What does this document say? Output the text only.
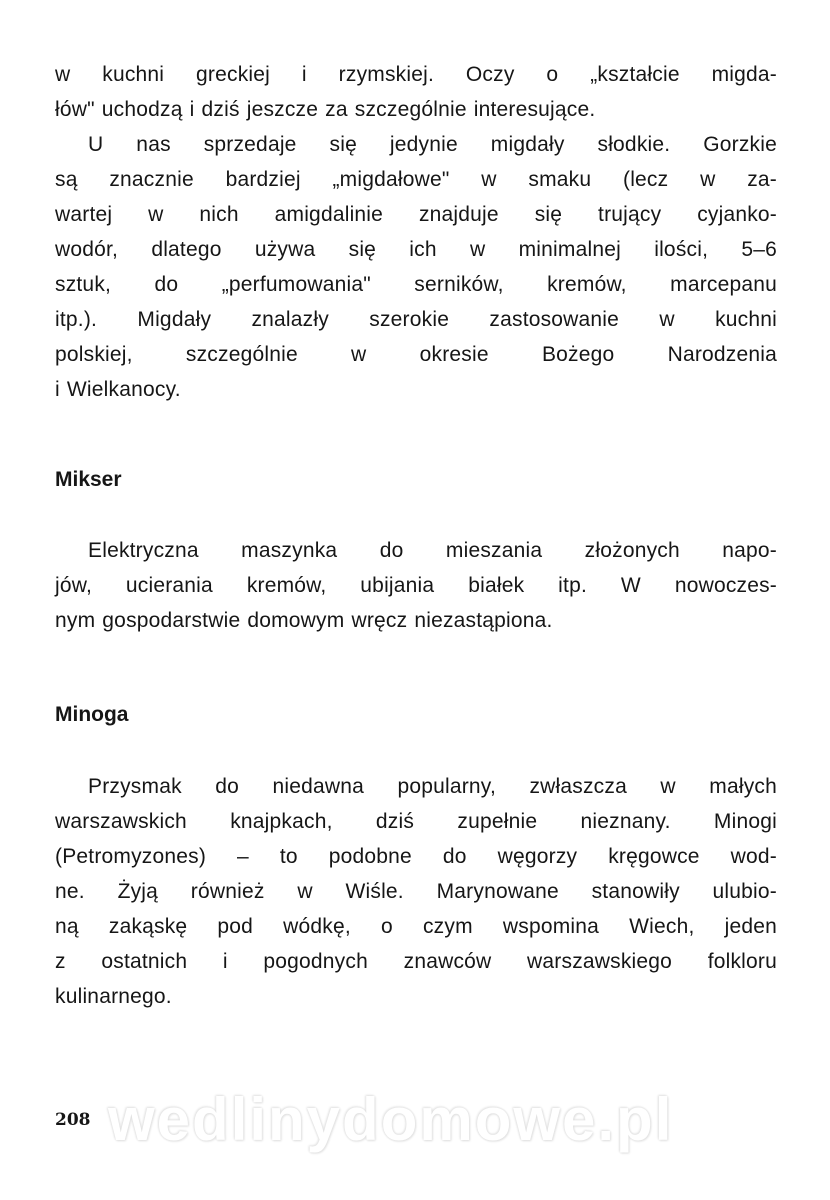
w kuchni greckiej i rzymskiej. Oczy o „kształcie migda-
łów" uchodzą i dziś jeszcze za szczególnie interesujące.
U nas sprzedaje się jedynie migdały słodkie. Gorzkie
są znacznie bardziej „migdałowe" w smaku (lecz w za-
wartej w nich amigdalinie znajduje się trujący cyjanko-
wodór, dlatego używa się ich w minimalnej ilości, 5–6
sztuk, do „perfumowania" serników, kremów, marcepanu
itp.). Migdały znalazły szerokie zastosowanie w kuchni
polskiej, szczególnie w okresie Bożego Narodzenia
i Wielkanocy.
Mikser
Elektryczna maszynka do mieszania złożonych napo-
jów, ucierania kremów, ubijania białek itp. W nowoczes-
nym gospodarstwie domowym wręcz niezastąpiona.
Minoga
Przysmak do niedawna popularny, zwłaszcza w małych
warszawskich knajpkach, dziś zupełnie nieznany. Minogi
(Petromyzones) – to podobne do węgorzy kręgowce wod-
ne. Żyją również w Wiśle. Marynowane stanowiły ulubio-
ną zakąskę pod wódkę, o czym wspomina Wiech, jeden
z ostatnich i pogodnych znawców warszawskiego folkloru
kulinarnego.
208 wedlinydomowe.pl
